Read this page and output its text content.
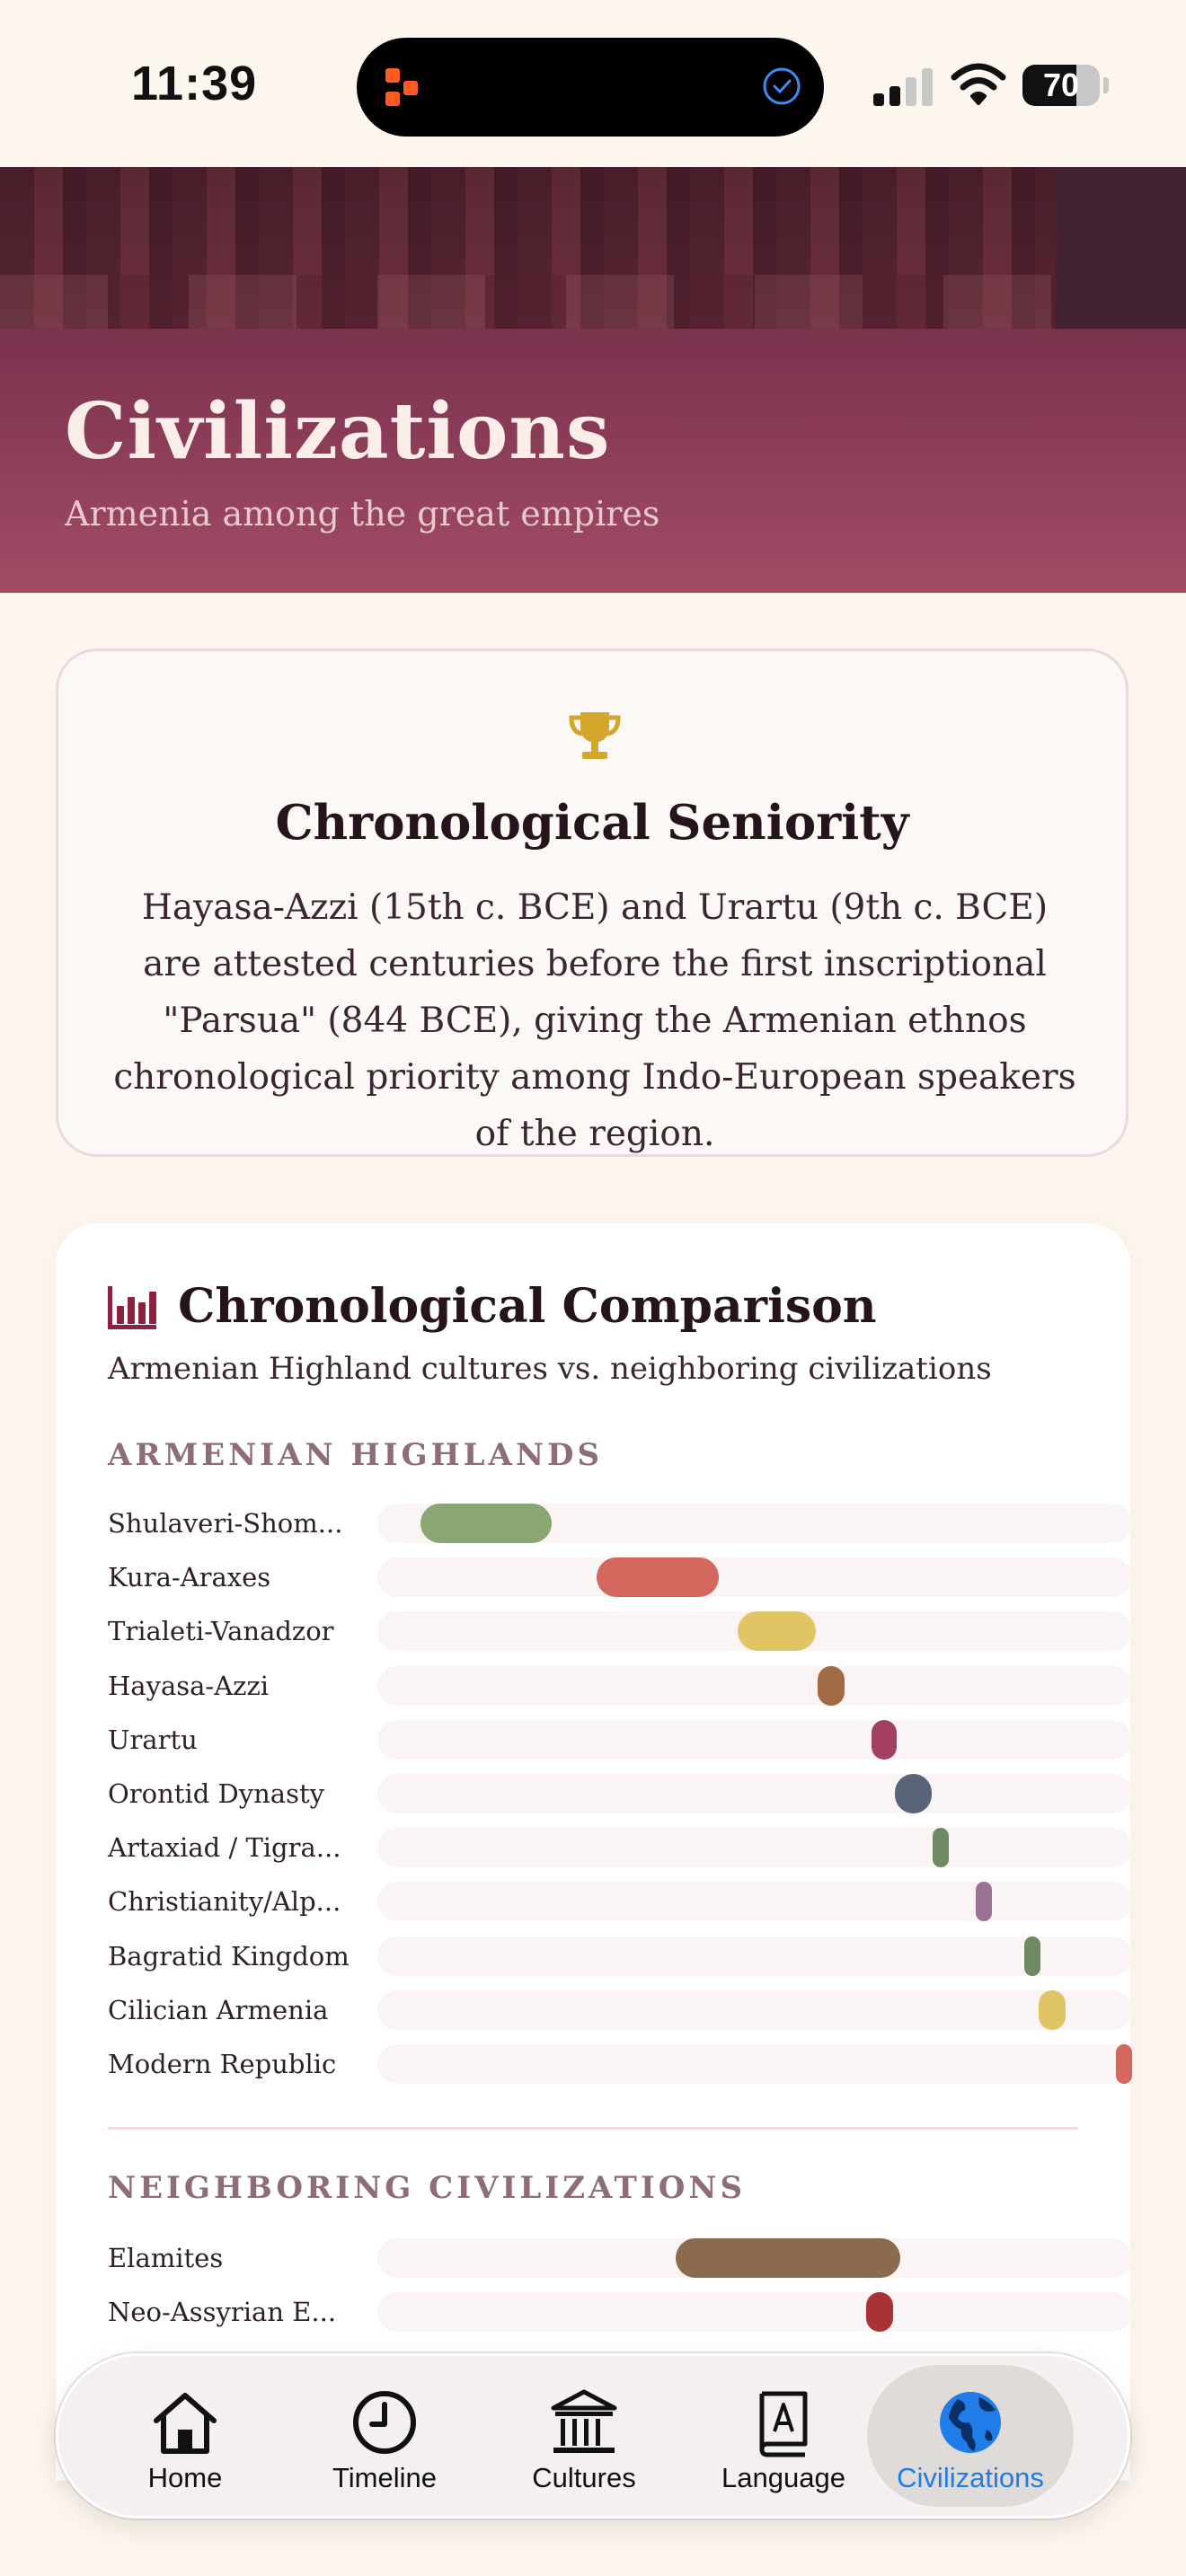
11:39	70
Civilizations
Armenia among the great empires
Chronological Seniority

Hayasa-Azzi (15th c. BCE) and Urartu (9th c. BCE) are attested centuries before the first inscriptional "Parsua" (844 BCE), giving the Armenian ethnos chronological priority among Indo-European speakers of the region.

Chronological Comparison
Armenian Highland cultures vs. neighboring civilizations
ARMENIAN HIGHLANDS
Shulaveri-Shom...
Kura-Araxes
Trialeti-Vanadzor
Hayasa-Azzi
Urartu
Orontid Dynasty
Artaxiad / Tigra...
Christianity/Alp...
Bagratid Kingdom
Cilician Armenia
Modern Republic
NEIGHBORING CIVILIZATIONS
Elamites
Neo-Assyrian E...
Home	Timeline	Cultures	Language	Civilizations
